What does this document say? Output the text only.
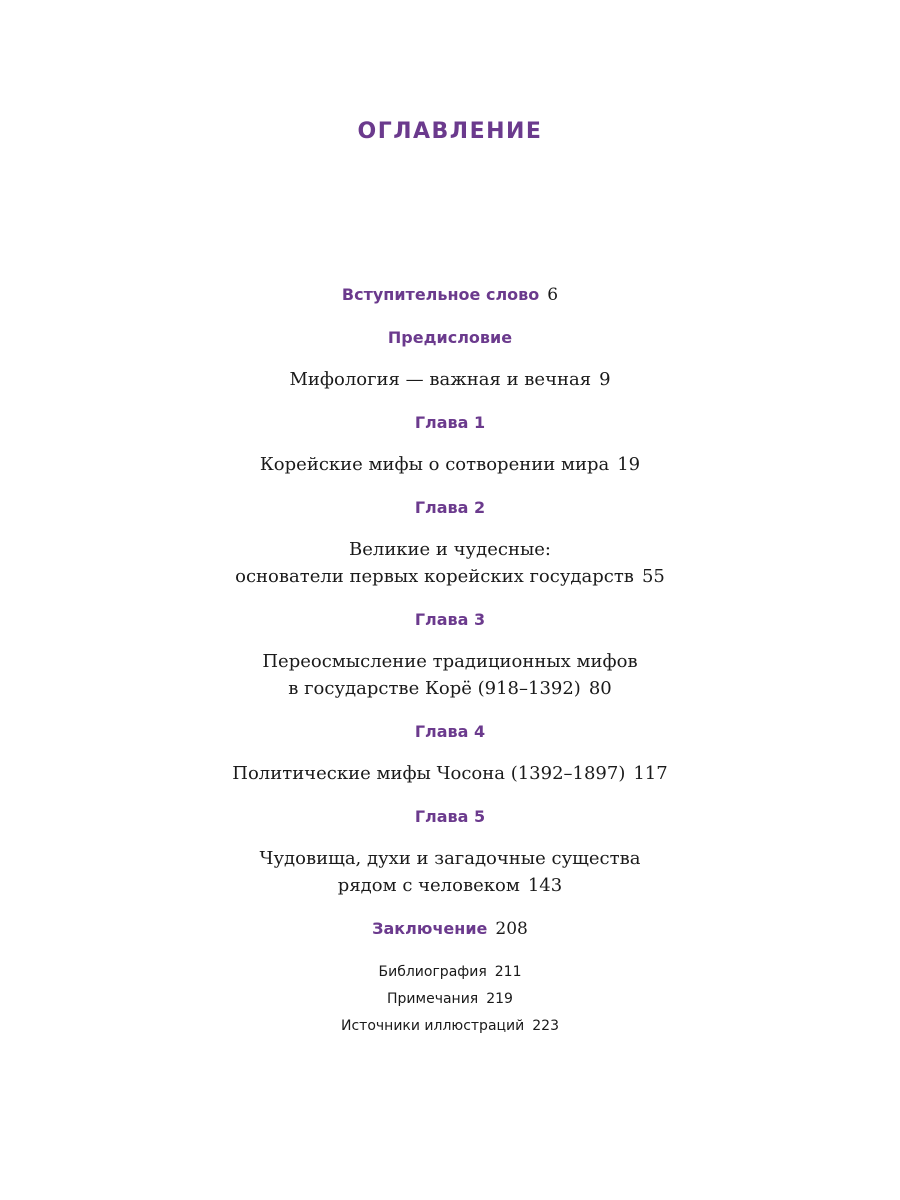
ОГЛАВЛЕНИЕ
Вступительное слово 6
Предисловие
Мифология — важная и вечная 9
Глава 1
Корейские мифы о сотворении мира 19
Глава 2
Великие и чудесные:
основатели первых корейских государств 55
Глава 3
Переосмысление традиционных мифов
в государстве Корё (918–1392) 80
Глава 4
Политические мифы Чосона (1392–1897) 117
Глава 5
Чудовища, духи и загадочные существа
рядом с человеком 143
Заключение 208
Библиография 211
Примечания 219
Источники иллюстраций 223
